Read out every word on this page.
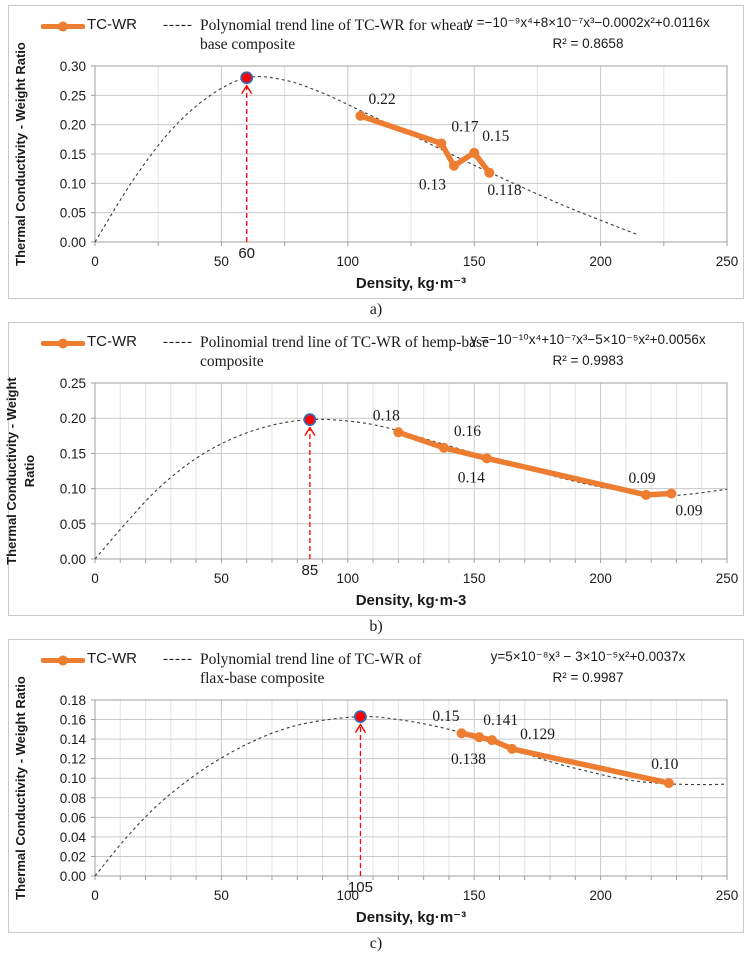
TC-WR ----- Polynomial trend line of TC-WR for wheat-base composite
y =−10⁻⁹x⁴+8×10⁻⁷x³−0.0002x²+0.0116x
R² = 0.8658
0	50	100	150	200	250
0.00
0.05
0.10
0.15
0.20
0.25
0.30
Density, kg·m⁻³
Thermal Conductivity - Weight Ratio	60
0.22
0.17
0.13
0.15
0.118
a)
TC-WR ----- Polinomial trend line of TC-WR of hemp-base composite
y =−10⁻¹⁰x⁴+10⁻⁷x³−5×10⁻⁵x²+0.0056x
R² = 0.9983
0	50	100	150	200	250
0.00
0.05
0.10
0.15
0.20
0.25
Density, kg·m-3
Thermal Conductivity - Weight Ratio
85
0.18
0.16
0.14	0.09
0.09
b)
TC-WR ----- Polynomial trend line of TC-WR of flax-base composite
y=5×10⁻⁸x³ − 3×10⁻⁵x²+0.0037x
R² = 0.9987
0	50	100	150	200	250
0.00
0.02
0.04
0.06
0.08
0.10
0.12
0.14
0.16
0.18
Density, kg·m⁻³
Thermal Conductivity - Weight Ratio	105
0.15 0.141
0.138
0.129
0.10
c)
